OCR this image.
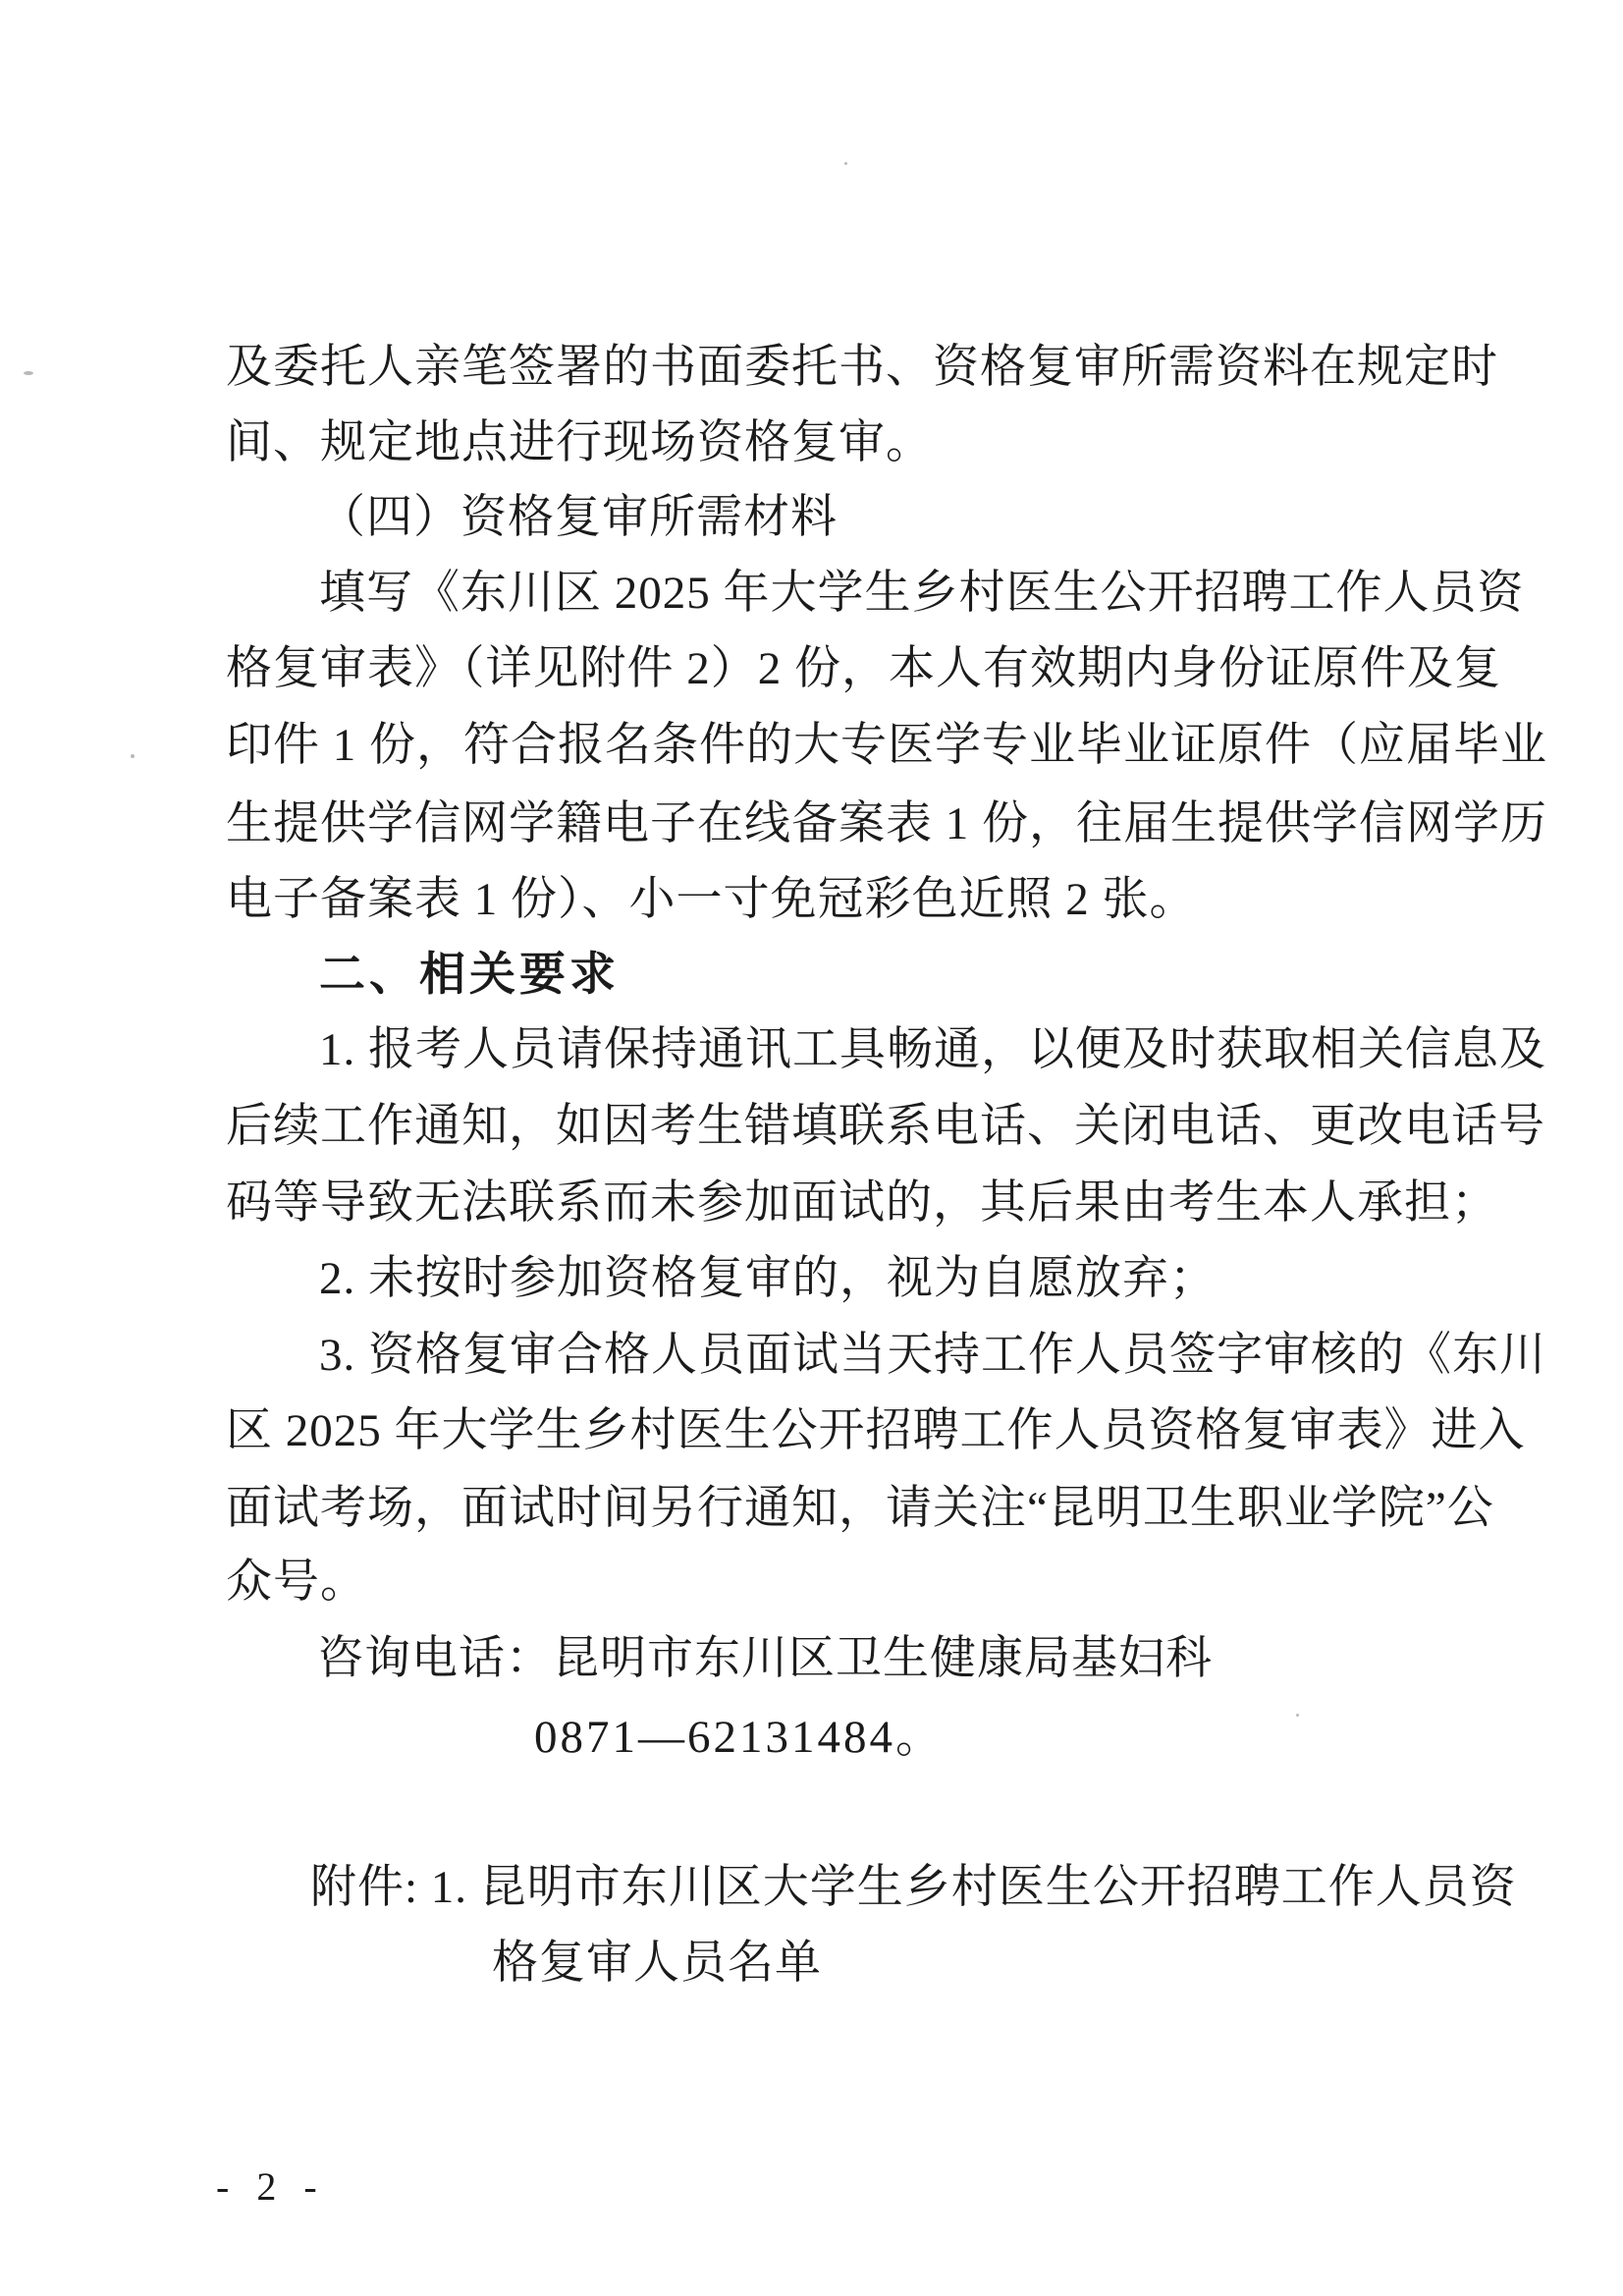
及委托人亲笔签署的书面委托书、资格复审所需资料在规定时
间、规定地点进行现场资格复审。
（四）资格复审所需材料
填写《东川区 2025 年大学生乡村医生公开招聘工作人员资
格复审表》（详见附件 2）2 份，本人有效期内身份证原件及复
印件 1 份，符合报名条件的大专医学专业毕业证原件（应届毕业
生提供学信网学籍电子在线备案表 1 份，往届生提供学信网学历
电子备案表 1 份）、小一寸免冠彩色近照 2 张。
二、相关要求
1. 报考人员请保持通讯工具畅通，以便及时获取相关信息及
后续工作通知，如因考生错填联系电话、关闭电话、更改电话号
码等导致无法联系而未参加面试的，其后果由考生本人承担；
2. 未按时参加资格复审的，视为自愿放弃；
3. 资格复审合格人员面试当天持工作人员签字审核的《东川
区 2025 年大学生乡村医生公开招聘工作人员资格复审表》进入
面试考场，面试时间另行通知，请关注“昆明卫生职业学院”公
众号。
咨询电话：昆明市东川区卫生健康局基妇科
0871—62131484。
附件: 1. 昆明市东川区大学生乡村医生公开招聘工作人员资
格复审人员名单
- 2 -
